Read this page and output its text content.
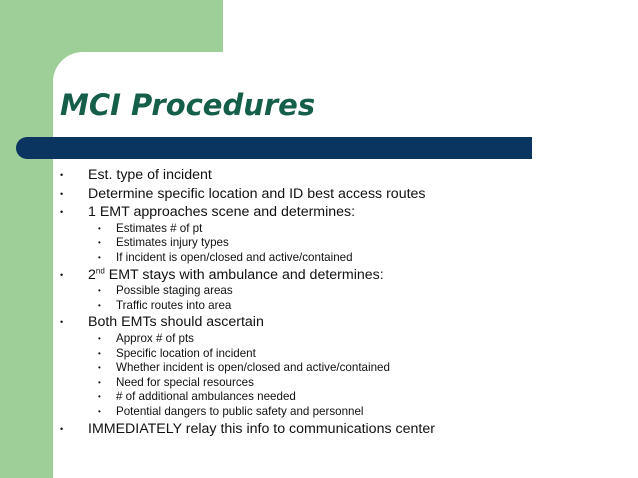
MCI Procedures
• Est. type of incident
• Determine specific location and ID best access routes
• 1 EMT approaches scene and determines:
• Estimates # of pt
• Estimates injury types
• If incident is open/closed and active/contained
• 2nd EMT stays with ambulance and determines:
• Possible staging areas
• Traffic routes into area
• Both EMTs should ascertain
• Approx # of pts
• Specific location of incident
• Whether incident is open/closed and active/contained
• Need for special resources
• # of additional ambulances needed
• Potential dangers to public safety and personnel
• IMMEDIATELY relay this info to communications center
